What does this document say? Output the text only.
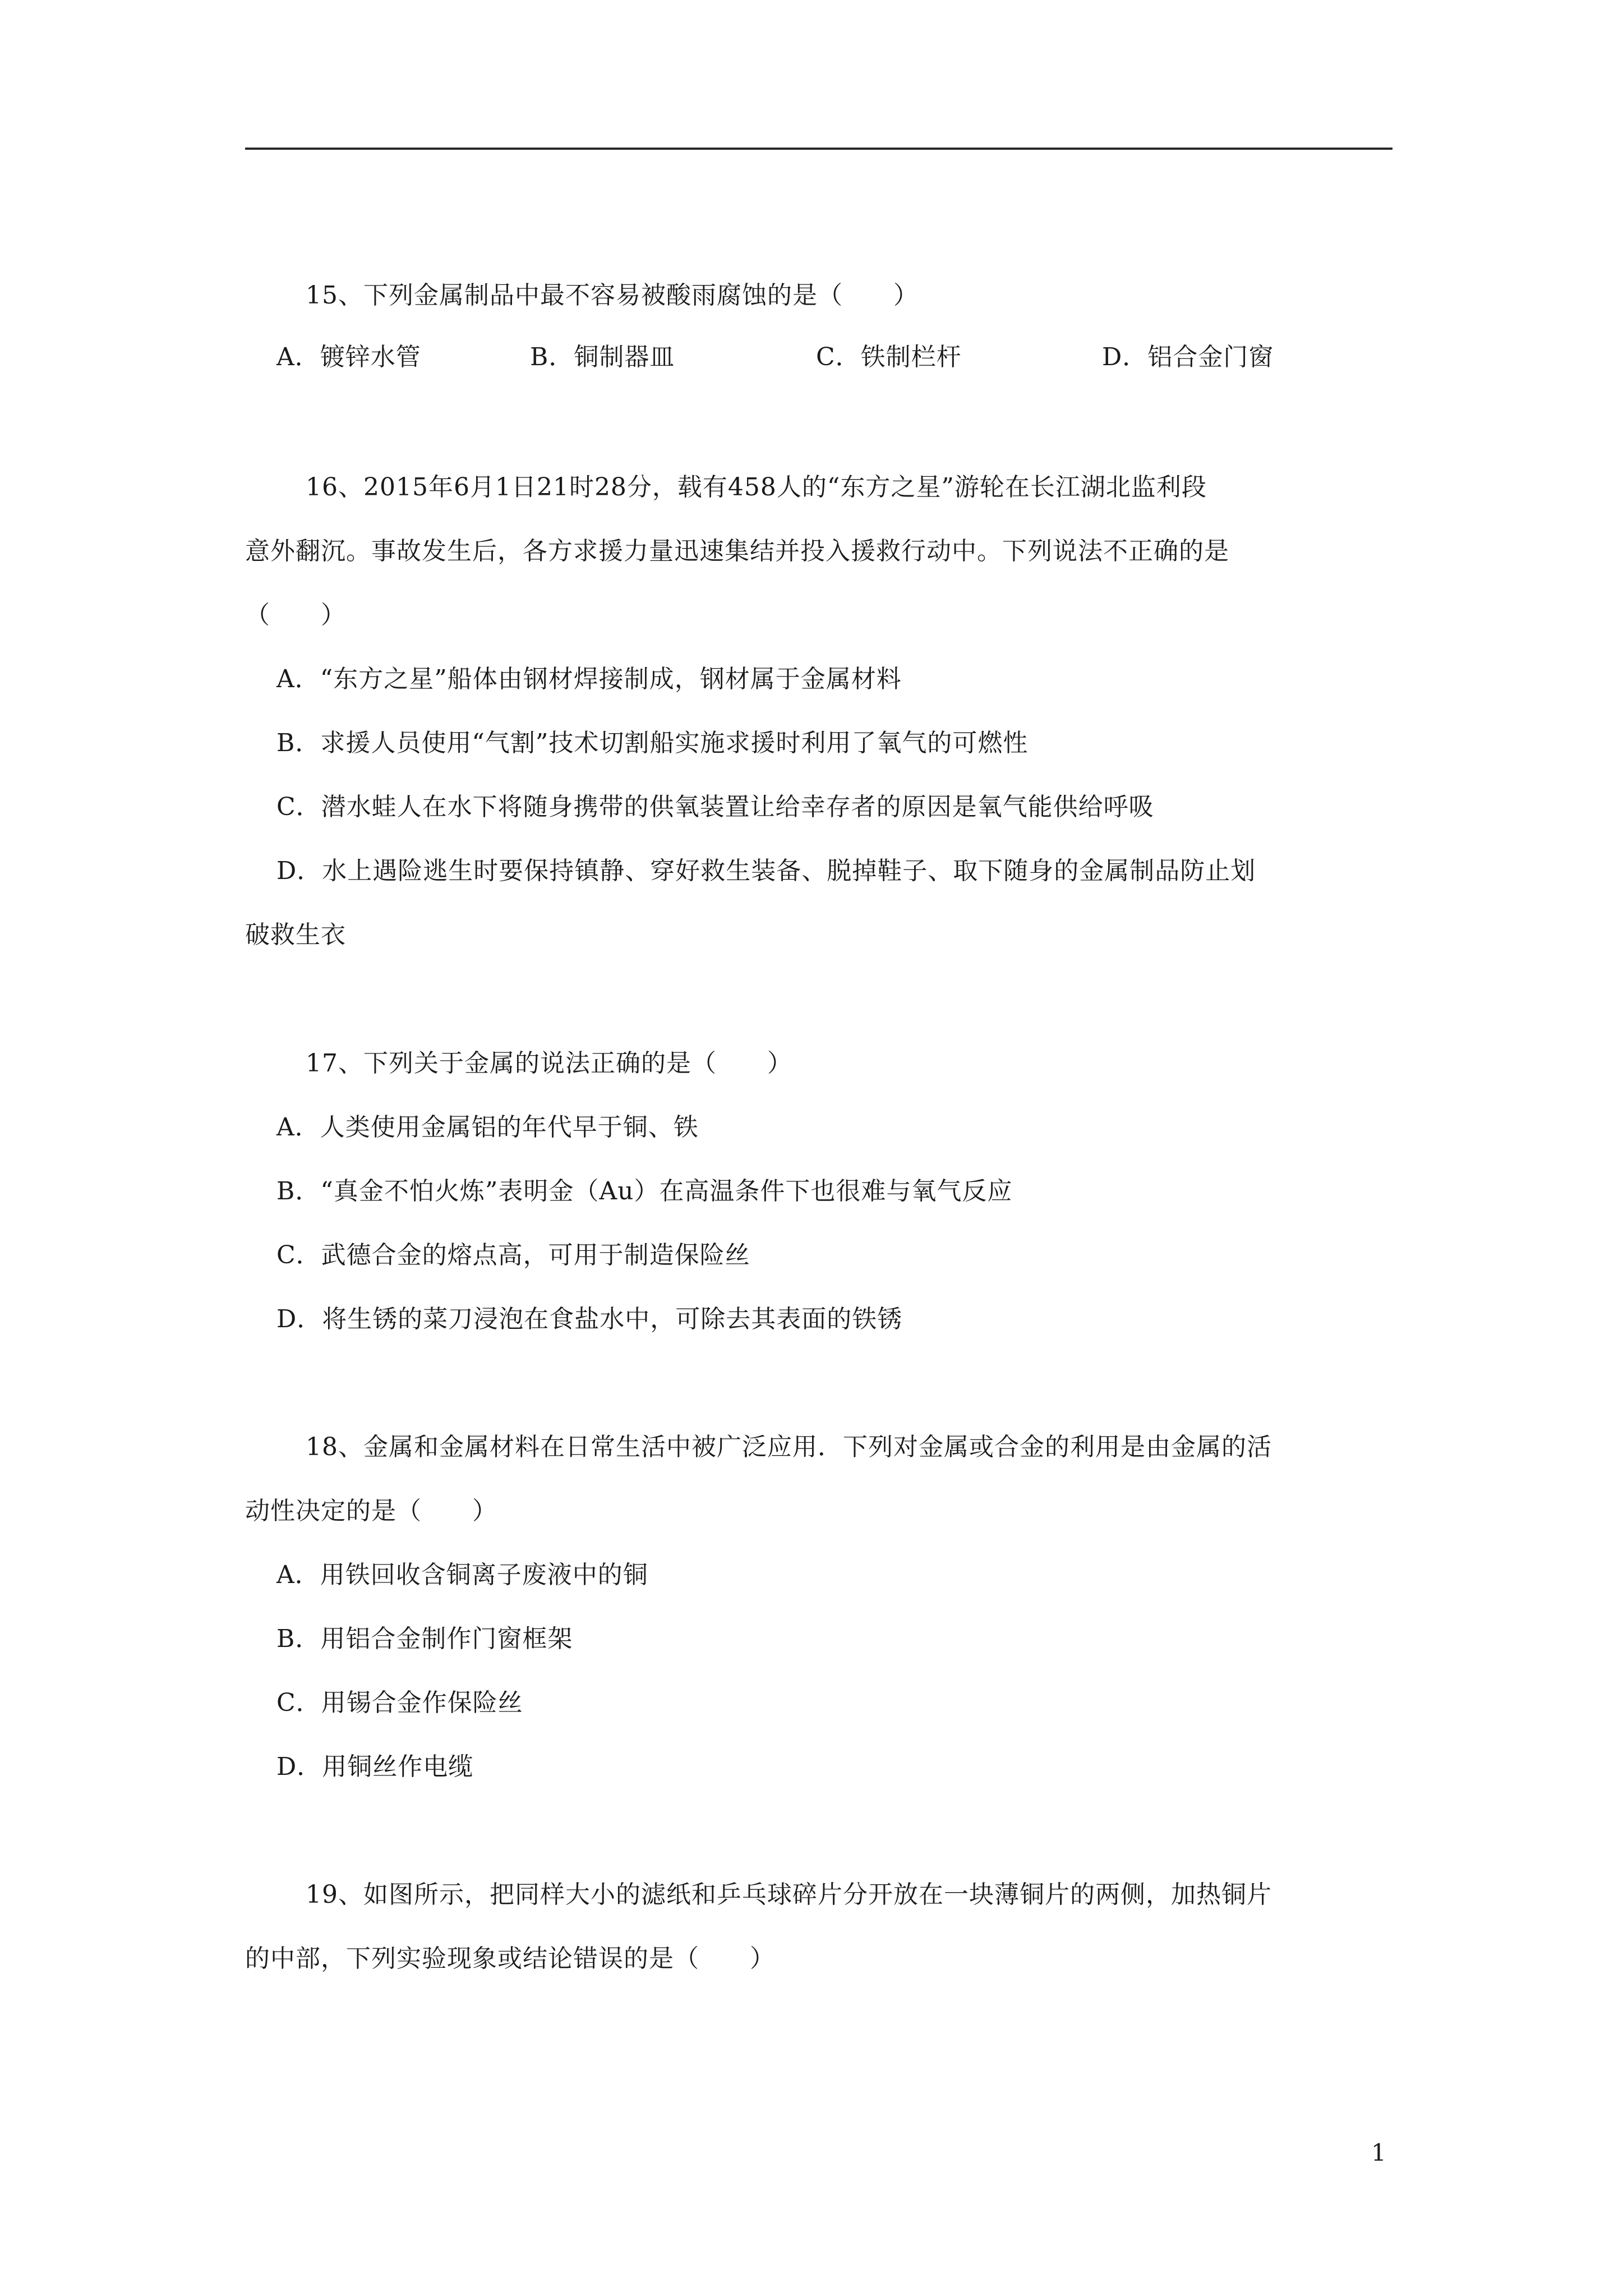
15、下列金属制品中最不容易被酸雨腐蚀的是（　　）
A．镀锌水管	B．铜制器皿	C．铁制栏杆	D．铝合金门窗
16、2015年6月1日21时28分，载有458人的“东方之星”游轮在长江湖北监利段
意外翻沉。事故发生后，各方求援力量迅速集结并投入援救行动中。下列说法不正确的是
（　　）
A．“东方之星”船体由钢材焊接制成，钢材属于金属材料
B．求援人员使用“气割”技术切割船实施求援时利用了氧气的可燃性
C．潜水蛙人在水下将随身携带的供氧装置让给幸存者的原因是氧气能供给呼吸
D．水上遇险逃生时要保持镇静、穿好救生装备、脱掉鞋子、取下随身的金属制品防止划
破救生衣
17、下列关于金属的说法正确的是（　　）
A．人类使用金属铝的年代早于铜、铁
B．“真金不怕火炼”表明金（Au）在高温条件下也很难与氧气反应
C．武德合金的熔点高，可用于制造保险丝
D．将生锈的菜刀浸泡在食盐水中，可除去其表面的铁锈
18、金属和金属材料在日常生活中被广泛应用．下列对金属或合金的利用是由金属的活
动性决定的是（　　）
A．用铁回收含铜离子废液中的铜
B．用铝合金制作门窗框架
C．用锡合金作保险丝
D．用铜丝作电缆
19、如图所示，把同样大小的滤纸和乒乓球碎片分开放在一块薄铜片的两侧，加热铜片
的中部，下列实验现象或结论错误的是（　　）
1
